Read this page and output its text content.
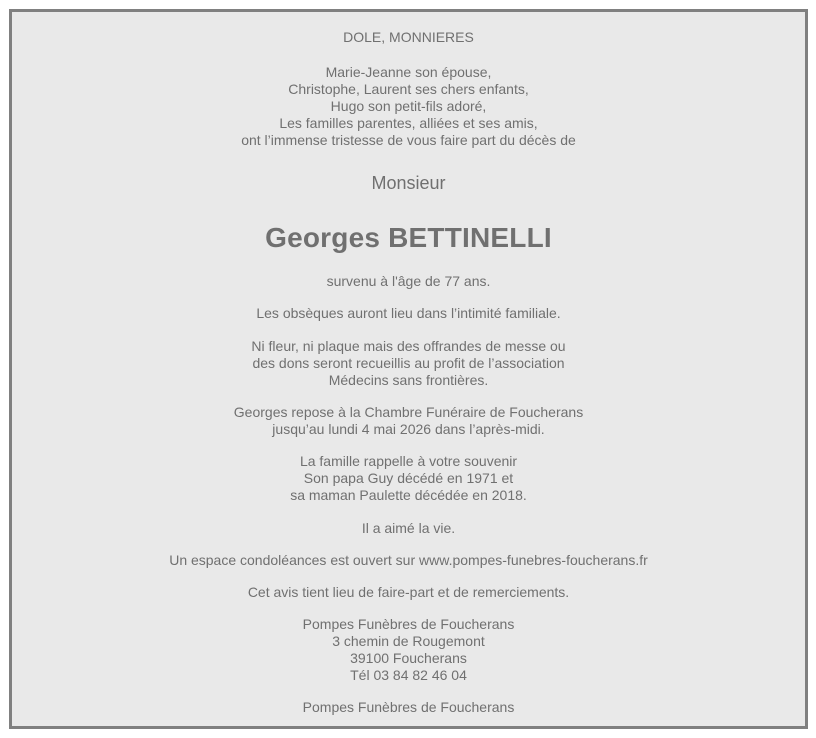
DOLE, MONNIERES
Marie-Jeanne son épouse,
Christophe, Laurent ses chers enfants,
Hugo son petit-fils adoré,
Les familles parentes, alliées et ses amis,
ont l’immense tristesse de vous faire part du décès de
Monsieur
Georges BETTINELLI
survenu à l'âge de 77 ans.
Les obsèques auront lieu dans l’intimité familiale.
Ni fleur, ni plaque mais des offrandes de messe ou
des dons seront recueillis au profit de l’association
Médecins sans frontières.
Georges repose à la Chambre Funéraire de Foucherans
jusqu’au lundi 4 mai 2026 dans l’après-midi.
La famille rappelle à votre souvenir
Son papa Guy décédé en 1971 et
sa maman Paulette décédée en 2018.
Il a aimé la vie.
Un espace condoléances est ouvert sur www.pompes-funebres-foucherans.fr
Cet avis tient lieu de faire-part et de remerciements.
Pompes Funèbres de Foucherans
3 chemin de Rougemont
39100 Foucherans
Tél 03 84 82 46 04
Pompes Funèbres de Foucherans
